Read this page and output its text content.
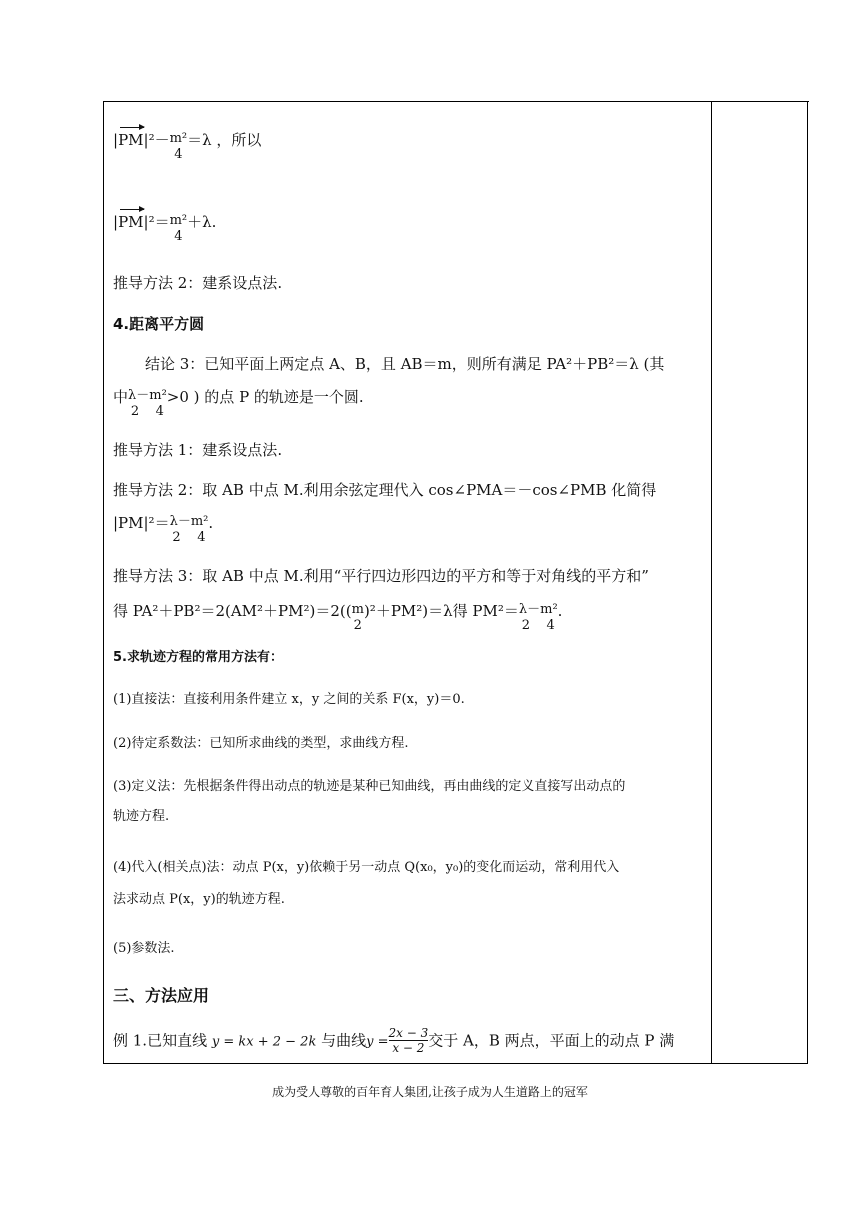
|PM|²－ m²
4
＝λ ，所以
|PM|²＝ m²
4
＋λ.
推导方法 2：建系设点法.
4.距离平方圆
结论 3：已知平面上两定点 A、B，且 AB＝m，则所有满足 PA²＋PB²＝λ (其
中 λ－m²
2    4
>0 ) 的点 P 的轨迹是一个圆.
推导方法 1：建系设点法.
推导方法 2：取 AB 中点 M.利用余弦定理代入 cos∠PMA＝－cos∠PMB 化简得
|PM|²＝ λ－m²
2    4
.
推导方法 3：取 AB 中点 M.利用“平行四边形四边的平方和等于对角线的平方和”
得 PA²＋PB²＝2(AM²＋PM²)＝2(( m
2
)²＋PM²)＝λ得 PM²＝ λ－m²
2    4
.
5.求轨迹方程的常用方法有：
(1)直接法：直接利用条件建立 x，y 之间的关系 F(x，y)＝0.
(2)待定系数法：已知所求曲线的类型，求曲线方程.
(3)定义法：先根据条件得出动点的轨迹是某种已知曲线，再由曲线的定义直接写出动点的
轨迹方程.
(4)代入(相关点)法：动点 P(x，y)依赖于另一动点 Q(x₀，y₀)的变化而运动，常利用代入
法求动点 P(x，y)的轨迹方程.
(5)参数法.
三、方法应用
例 1.已知直线 y = kx + 2 − 2k 与曲线$y = \frac{2x - 3}{x - 2}$ 交于 A，B 两点，平面上的动点 P 满
成为受人尊敬的百年育人集团,让孩子成为人生道路上的冠军
